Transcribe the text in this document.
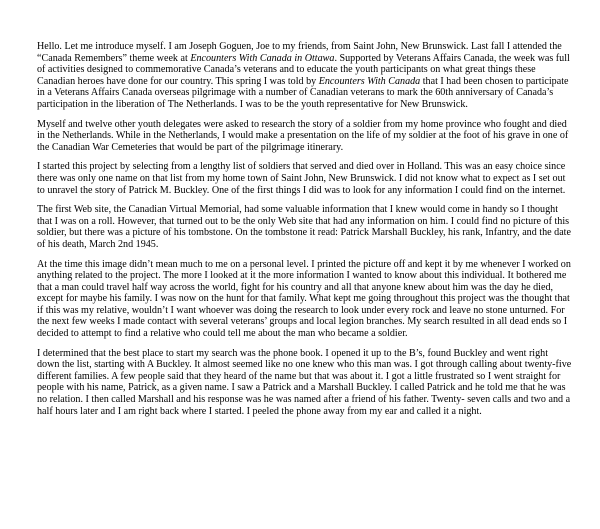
Hello. Let me introduce myself. I am Joseph Goguen, Joe to my friends, from Saint John, New Brunswick. Last fall I attended the “Canada Remembers” theme week at Encounters With Canada in Ottawa. Supported by Veterans Affairs Canada, the week was full of activities designed to commemorative Canada’s veterans and to educate the youth participants on what great things these Canadian heroes have done for our country. This spring I was told by Encounters With Canada that I had been chosen to participate in a Veterans Affairs Canada overseas pilgrimage with a number of Canadian veterans to mark the 60th anniversary of Canada’s participation in the liberation of The Netherlands. I was to be the youth representative for New Brunswick.

Myself and twelve other youth delegates were asked to research the story of a soldier from my home province who fought and died in the Netherlands. While in the Netherlands, I would make a presentation on the life of my soldier at the foot of his grave in one of the Canadian War Cemeteries that would be part of the pilgrimage itinerary.

I started this project by selecting from a lengthy list of soldiers that served and died over in Holland. This was an easy choice since there was only one name on that list from my home town of Saint John, New Brunswick. I did not know what to expect as I set out to unravel the story of Patrick M. Buckley. One of the first things I did was to look for any information I could find on the internet.

The first Web site, the Canadian Virtual Memorial, had some valuable information that I knew would come in handy so I thought that I was on a roll. However, that turned out to be the only Web site that had any information on him. I could find no picture of this soldier, but there was a picture of his tombstone. On the tombstone it read: Patrick Marshall Buckley, his rank, Infantry, and the date of his death, March 2nd 1945.

At the time this image didn’t mean much to me on a personal level. I printed the picture off and kept it by me whenever I worked on anything related to the project. The more I looked at it the more information I wanted to know about this individual. It bothered me that a man could travel half way across the world, fight for his country and all that anyone knew about him was the day he died, except for maybe his family. I was now on the hunt for that family. What kept me going throughout this project was the thought that if this was my relative, wouldn’t I want whoever was doing the research to look under every rock and leave no stone unturned. For the next few weeks I made contact with several veterans’ groups and local legion branches. My search resulted in all dead ends so I decided to attempt to find a relative who could tell me about the man who became a soldier.

I determined that the best place to start my search was the phone book. I opened it up to the B’s, found Buckley and went right down the list, starting with A Buckley. It almost seemed like no one knew who this man was. I got through calling about twenty-five different families. A few people said that they heard of the name but that was about it. I got a little frustrated so I went straight for people with his name, Patrick, as a given name. I saw a Patrick and a Marshall Buckley. I called Patrick and he told me that he was no relation. I then called Marshall and his response was he was named after a friend of his father. Twenty- seven calls and two and a half hours later and I am right back where I started. I peeled the phone away from my ear and called it a night.
